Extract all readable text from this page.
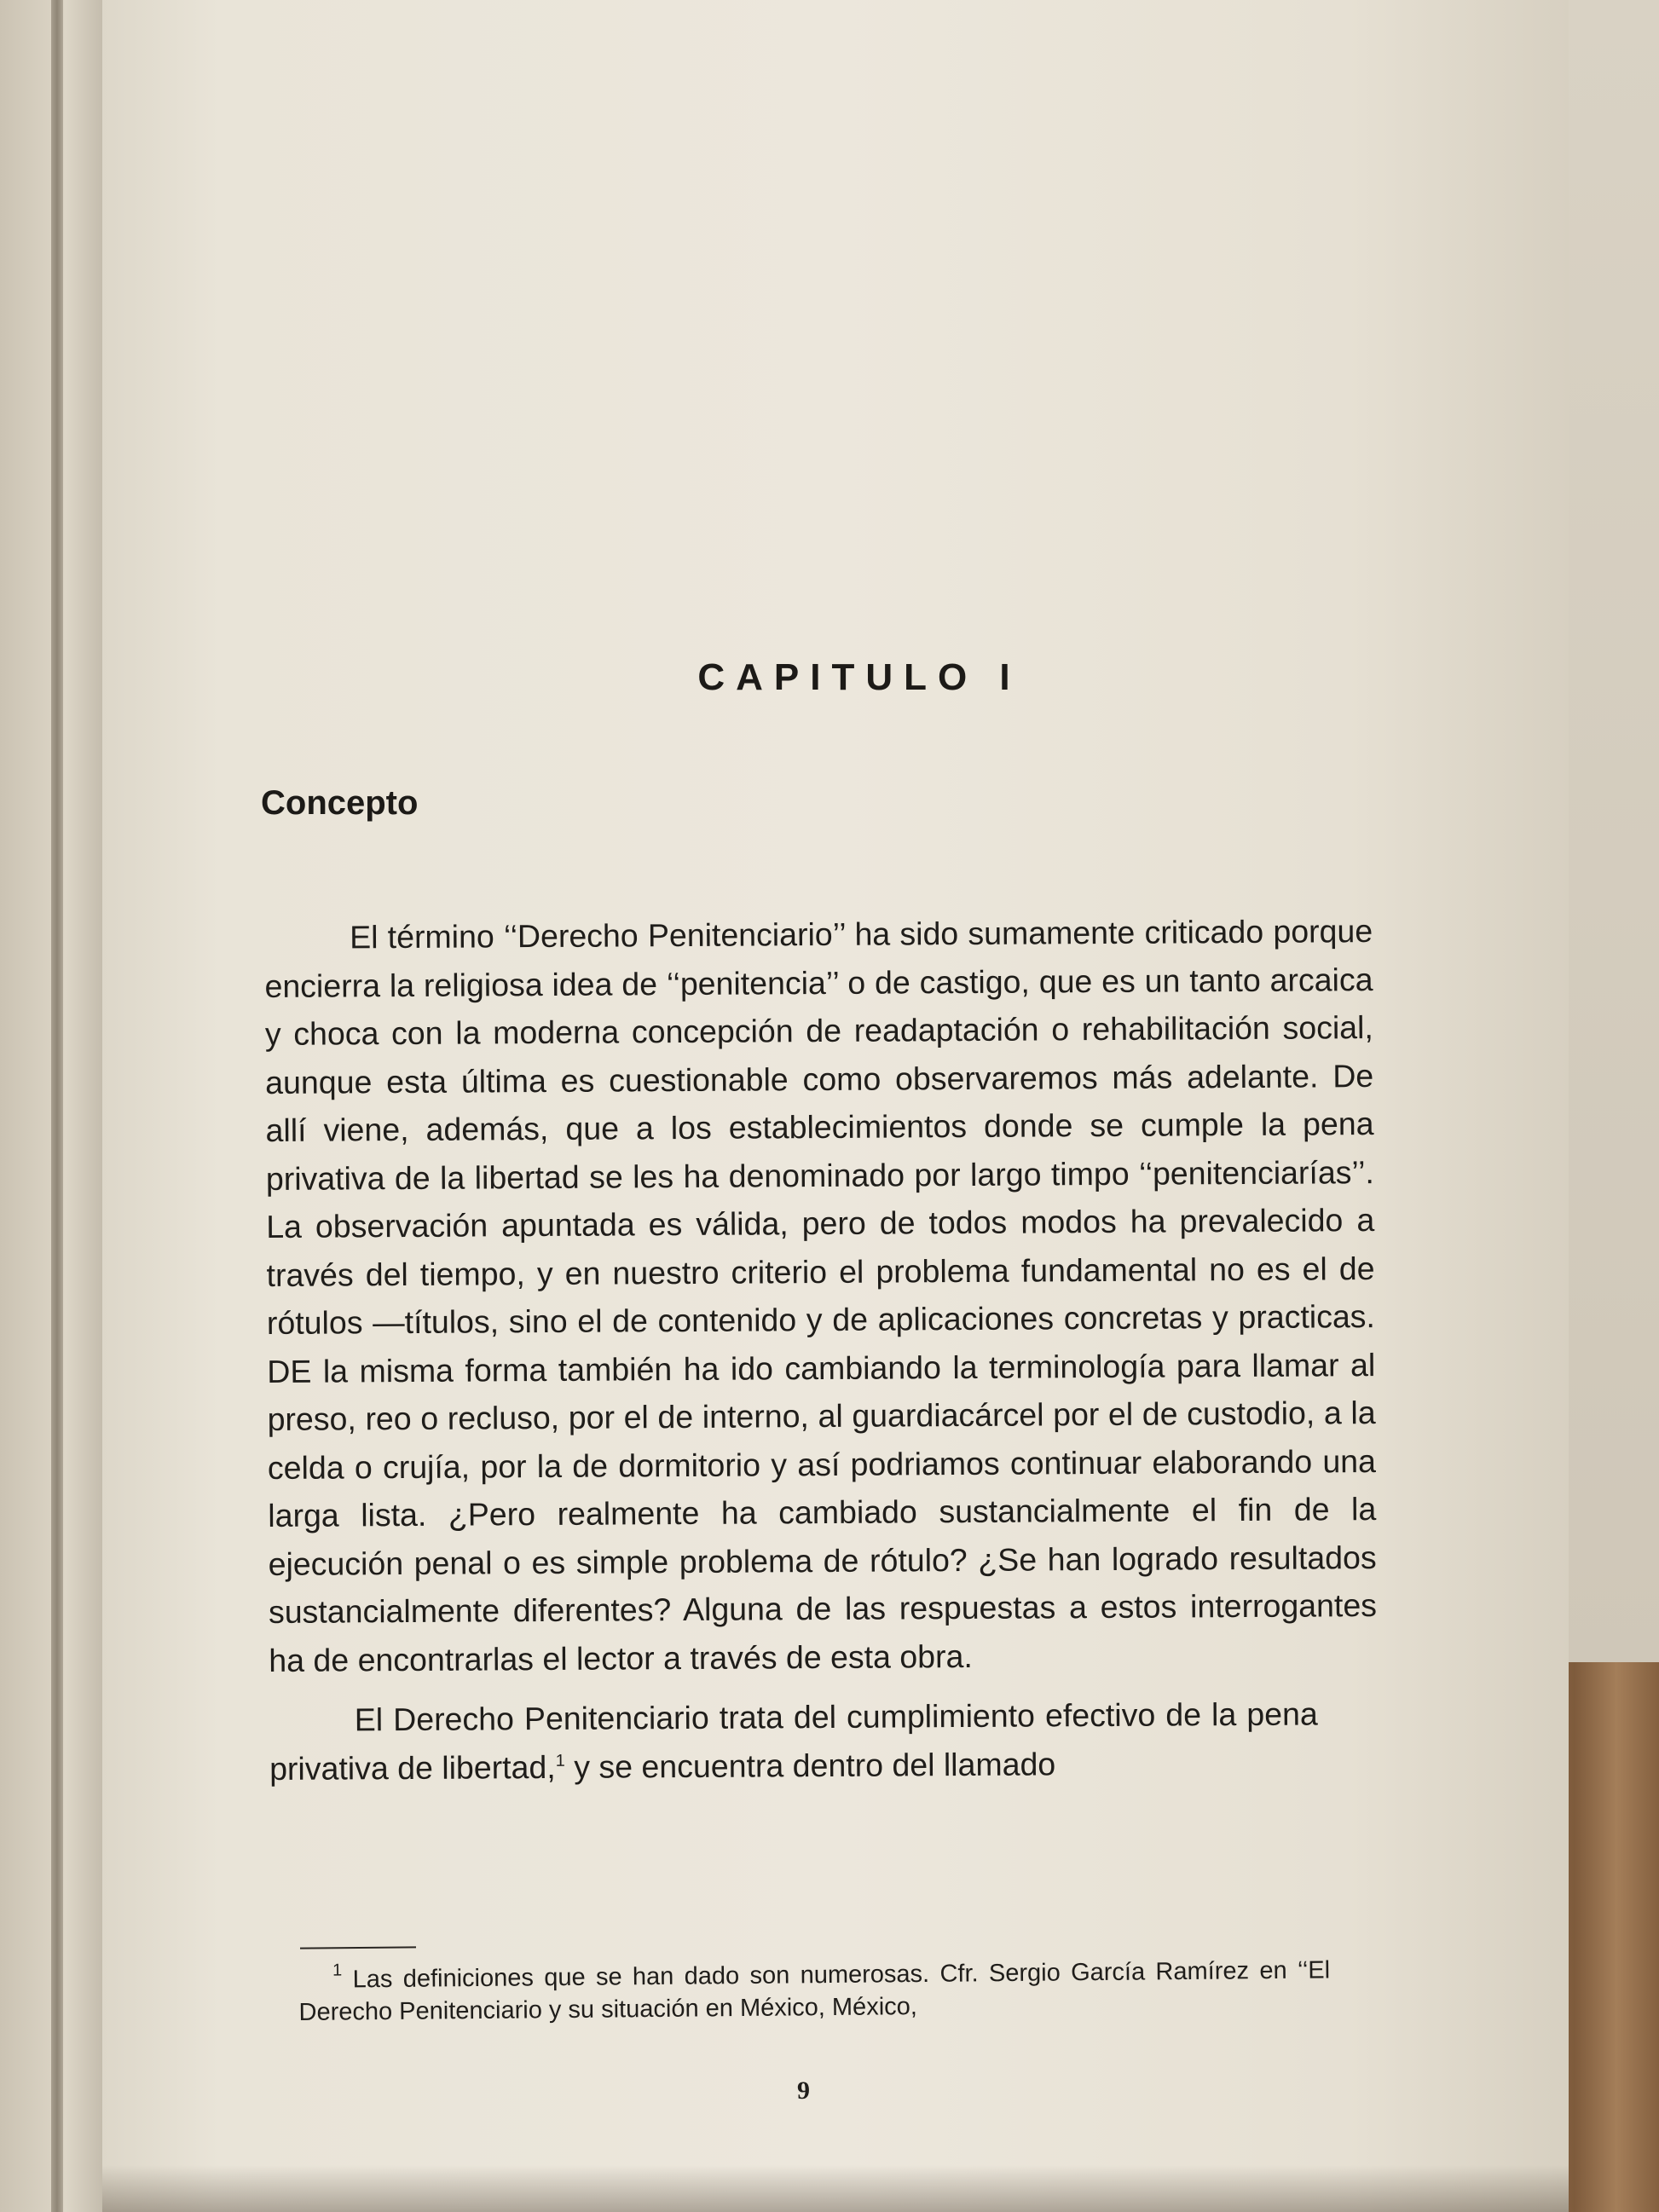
CAPITULO I
Concepto

El término ‘‘Derecho Penitenciario’’ ha sido sumamente criticado porque encierra la religiosa idea de ‘‘penitencia’’ o de castigo, que es un tanto arcaica y choca con la moderna concepción de readaptación o rehabilitación social, aunque esta última es cuestionable como observaremos más adelante. De allí viene, además, que a los establecimientos donde se cumple la pena privativa de la libertad se les ha denominado por largo timpo ‘‘penitenciarías’’. La observación apuntada es válida, pero de todos modos ha prevalecido a través del tiempo, y en nuestro criterio el problema fundamental no es el de rótulos —títulos, sino el de contenido y de aplicaciones concretas y practicas. DE la misma forma también ha ido cambiando la terminología para llamar al preso, reo o recluso, por el de interno, al guardiacárcel por el de custodio, a la celda o crujía, por la de dormitorio y así podriamos continuar elaborando una larga lista. ¿Pero realmente ha cambiado sustancialmente el fin de la ejecución penal o es simple problema de rótulo? ¿Se han logrado resultados sustancialmente diferentes? Alguna de las respuestas a estos interrogantes ha de encontrarlas el lector a través de esta obra.

El Derecho Penitenciario trata del cumplimiento efectivo de la pena privativa de libertad,$^1$ y se encuentra dentro del llamado

$^1$ Las definiciones que se han dado son numerosas. Cfr. Sergio García Ramírez en ‘‘El Derecho Penitenciario y su situación en México, México,

9
